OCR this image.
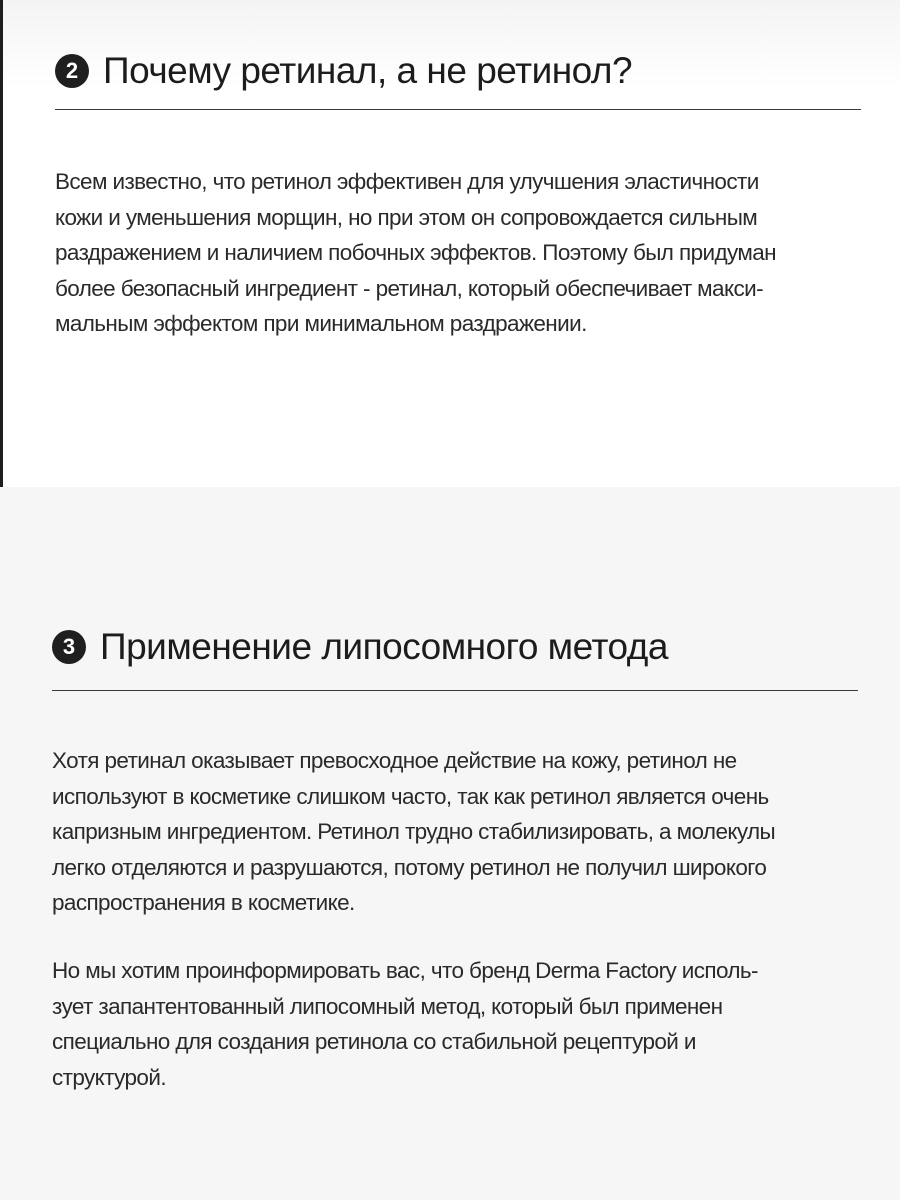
2 Почему ретинал, а не ретинол?
Всем известно, что ретинол эффективен для улучшения эластичности
кожи и уменьшения морщин, но при этом он сопровождается сильным
раздражением и наличием побочных эффектов. Поэтому был придуман
более безопасный ингредиент - ретинал, который обеспечивает макси-
мальным эффектом при минимальном раздражении.
3 Применение липосомного метода
Хотя ретинал оказывает превосходное действие на кожу, ретинол не
используют в косметике слишком часто, так как ретинол является очень
капризным ингредиентом. Ретинол трудно стабилизировать, а молекулы
легко отделяются и разрушаются, потому ретинол не получил широкого
распространения в косметике.
Но мы хотим проинформировать вас, что бренд Derma Factory исполь-
зует запантентованный липосомный метод, который был применен
специально для создания ретинола со стабильной рецептурой и
структурой.
